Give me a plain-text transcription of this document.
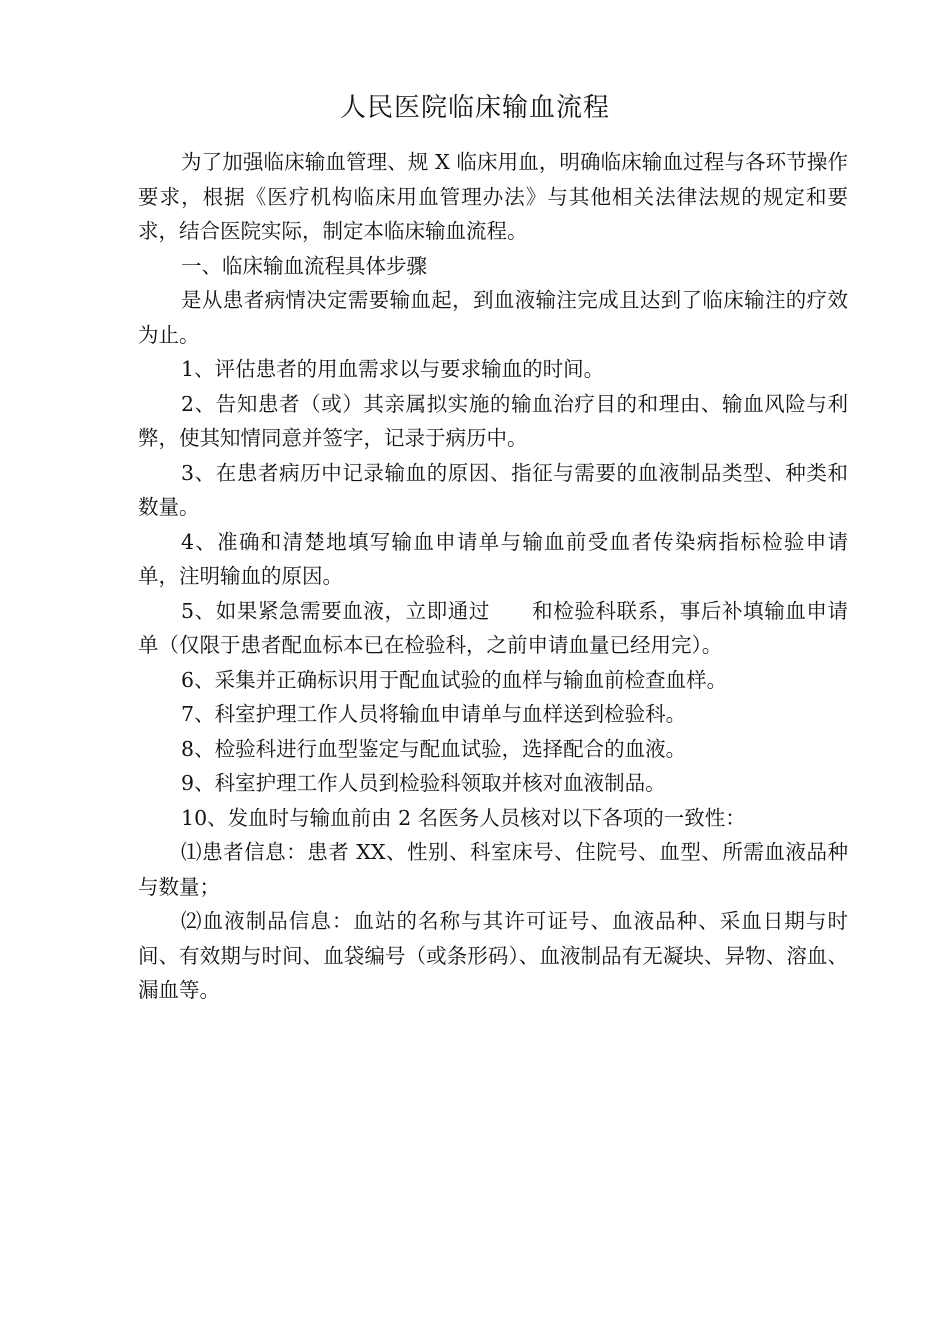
人民医院临床输血流程

为了加强临床输血管理、规 X 临床用血，明确临床输血过程与各环节操作要求，根据《医疗机构临床用血管理办法》与其他相关法律法规的规定和要求，结合医院实际，制定本临床输血流程。

一、临床输血流程具体步骤

是从患者病情决定需要输血起，到血液输注完成且达到了临床输注的疗效为止。

1、评估患者的用血需求以与要求输血的时间。

2、告知患者（或）其亲属拟实施的输血治疗目的和理由、输血风险与利弊，使其知情同意并签字，记录于病历中。

3、在患者病历中记录输血的原因、指征与需要的血液制品类型、种类和数量。

4、准确和清楚地填写输血申请单与输血前受血者传染病指标检验申请单，注明输血的原因。

5、如果紧急需要血液，立即通过　　和检验科联系，事后补填输血申请单（仅限于患者配血标本已在检验科，之前申请血量已经用完）。

6、采集并正确标识用于配血试验的血样与输血前检查血样。

7、科室护理工作人员将输血申请单与血样送到检验科。

8、检验科进行血型鉴定与配血试验，选择配合的血液。

9、科室护理工作人员到检验科领取并核对血液制品。

10、发血时与输血前由 2 名医务人员核对以下各项的一致性：

⑴患者信息：患者 XX、性别、科室床号、住院号、血型、所需血液品种与数量；

⑵血液制品信息：血站的名称与其许可证号、血液品种、采血日期与时间、有效期与时间、血袋编号（或条形码）、血液制品有无凝块、异物、溶血、漏血等。
